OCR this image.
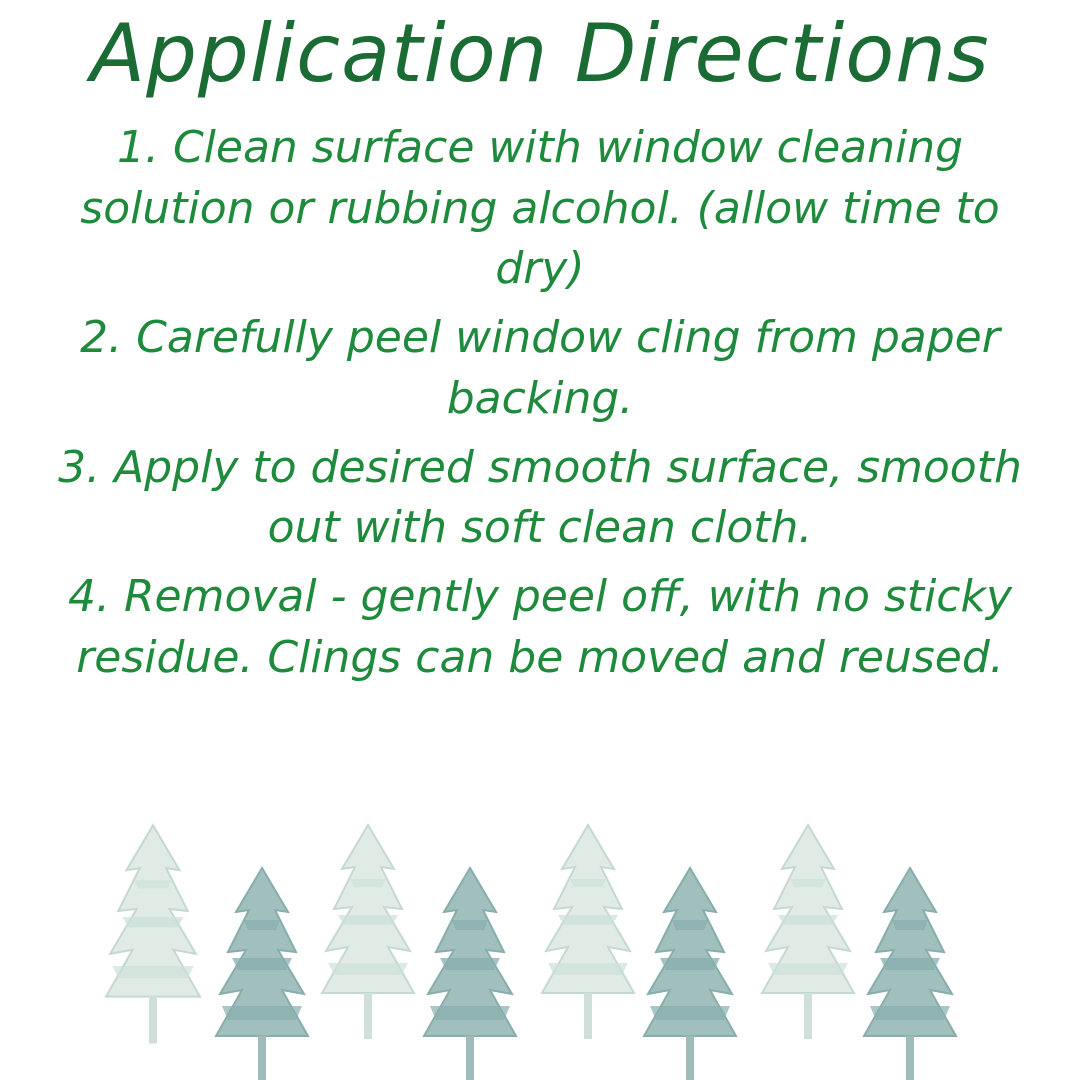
Application Directions
1. Clean surface with window cleaning solution or rubbing alcohol. (allow time to dry)
2. Carefully peel window cling from paper backing.
3. Apply to desired smooth surface, smooth out with soft clean cloth.
4. Removal - gently peel off, with no sticky residue. Clings can be moved and reused.
